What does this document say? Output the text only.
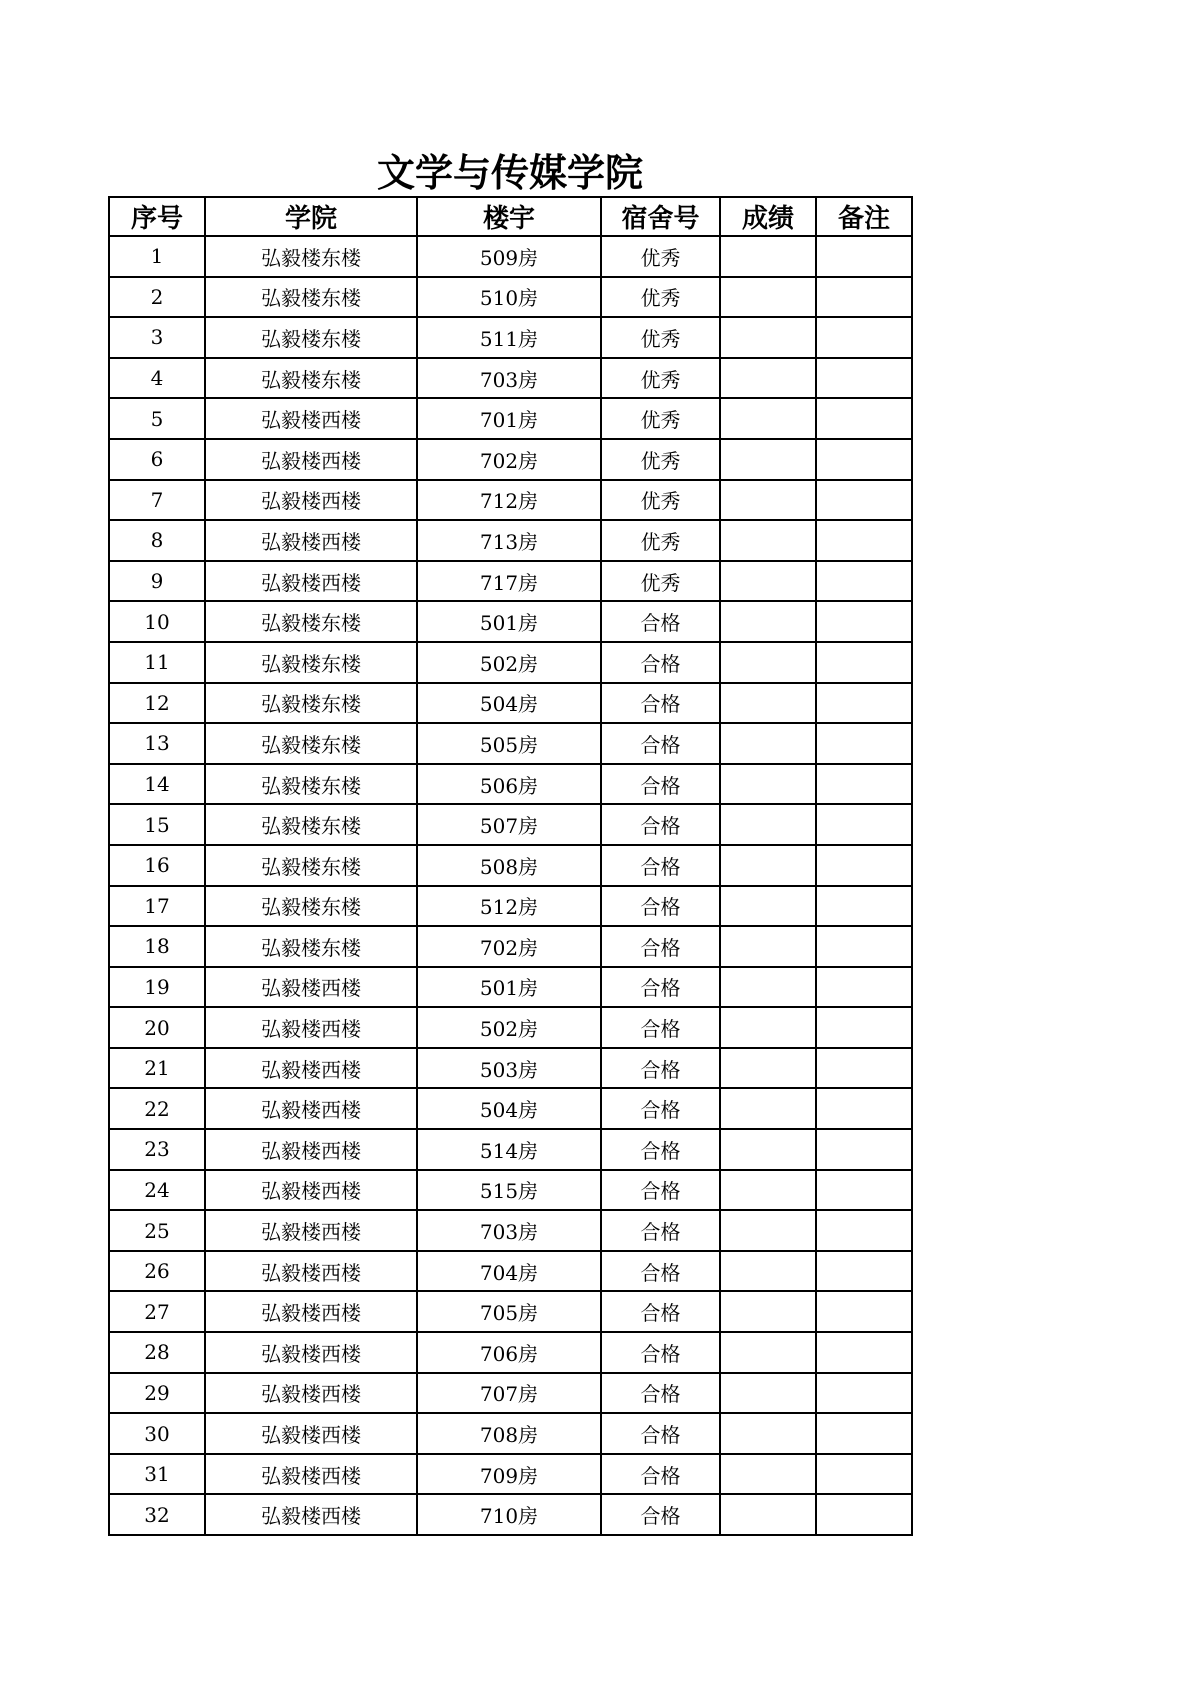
文学与传媒学院
序号	学院	楼宇	宿舍号	成绩	备注
1	弘毅楼东楼	509房	优秀		
2	弘毅楼东楼	510房	优秀		
3	弘毅楼东楼	511房	优秀		
4	弘毅楼东楼	703房	优秀		
5	弘毅楼西楼	701房	优秀		
6	弘毅楼西楼	702房	优秀		
7	弘毅楼西楼	712房	优秀		
8	弘毅楼西楼	713房	优秀		
9	弘毅楼西楼	717房	优秀		
10	弘毅楼东楼	501房	合格		
11	弘毅楼东楼	502房	合格		
12	弘毅楼东楼	504房	合格		
13	弘毅楼东楼	505房	合格		
14	弘毅楼东楼	506房	合格		
15	弘毅楼东楼	507房	合格		
16	弘毅楼东楼	508房	合格		
17	弘毅楼东楼	512房	合格		
18	弘毅楼东楼	702房	合格		
19	弘毅楼西楼	501房	合格		
20	弘毅楼西楼	502房	合格		
21	弘毅楼西楼	503房	合格		
22	弘毅楼西楼	504房	合格		
23	弘毅楼西楼	514房	合格		
24	弘毅楼西楼	515房	合格		
25	弘毅楼西楼	703房	合格		
26	弘毅楼西楼	704房	合格		
27	弘毅楼西楼	705房	合格		
28	弘毅楼西楼	706房	合格		
29	弘毅楼西楼	707房	合格		
30	弘毅楼西楼	708房	合格		
31	弘毅楼西楼	709房	合格		
32	弘毅楼西楼	710房	合格		
